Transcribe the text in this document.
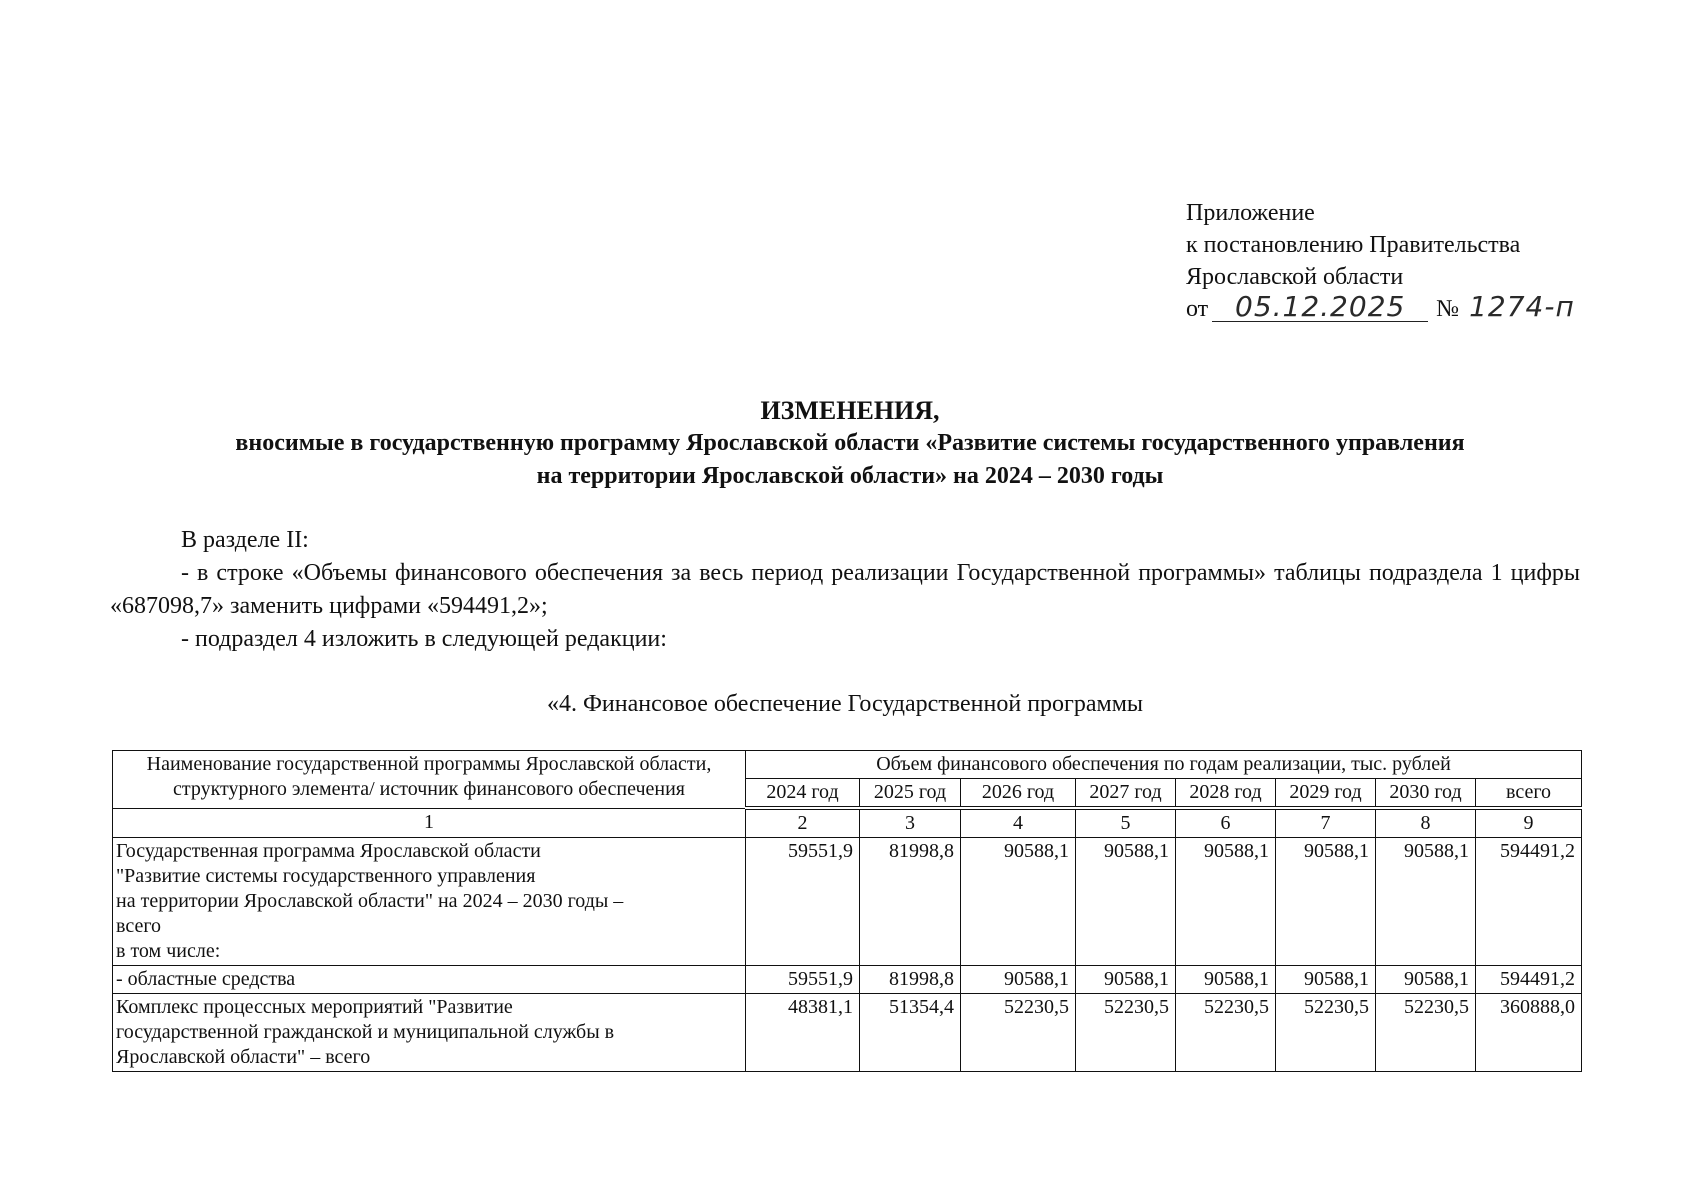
Приложение
к постановлению Правительства
Ярославской области
от 05.12.2025 № 1274-п
ИЗМЕНЕНИЯ,
вносимые в государственную программу Ярославской области «Развитие системы государственного управления
на территории Ярославской области» на 2024 – 2030 годы

В разделе II:

- в строке «Объемы финансового обеспечения за весь период реализации Государственной программы» таблицы подраздела 1 цифры «687098,7» заменить цифрами «594491,2»;

- подраздел 4 изложить в следующей редакции:

«4. Финансовое обеспечение Государственной программы
Наименование государственной программы Ярославской области, структурного элемента/ источник финансового обеспечения	Объем финансового обеспечения по годам реализации, тыс. рублей							
	2024 год	2025 год	2026 год	2027 год	2028 год	2029 год	2030 год	всего
1	2	3	4	5	6	7	8	9

Государственная программа Ярославской области
"Развитие системы государственного управления
на территории Ярославской области" на 2024 – 2030 годы –
всего
в том числе:	59551,9	81998,8	90588,1	90588,1	90588,1	90588,1	90588,1	594491,2

- областные средства	59551,9	81998,8	90588,1	90588,1	90588,1	90588,1	90588,1	594491,2

Комплекс процессных мероприятий "Развитие
государственной гражданской и муниципальной службы в
Ярославской области" – всего	48381,1	51354,4	52230,5	52230,5	52230,5	52230,5	52230,5	360888,0
